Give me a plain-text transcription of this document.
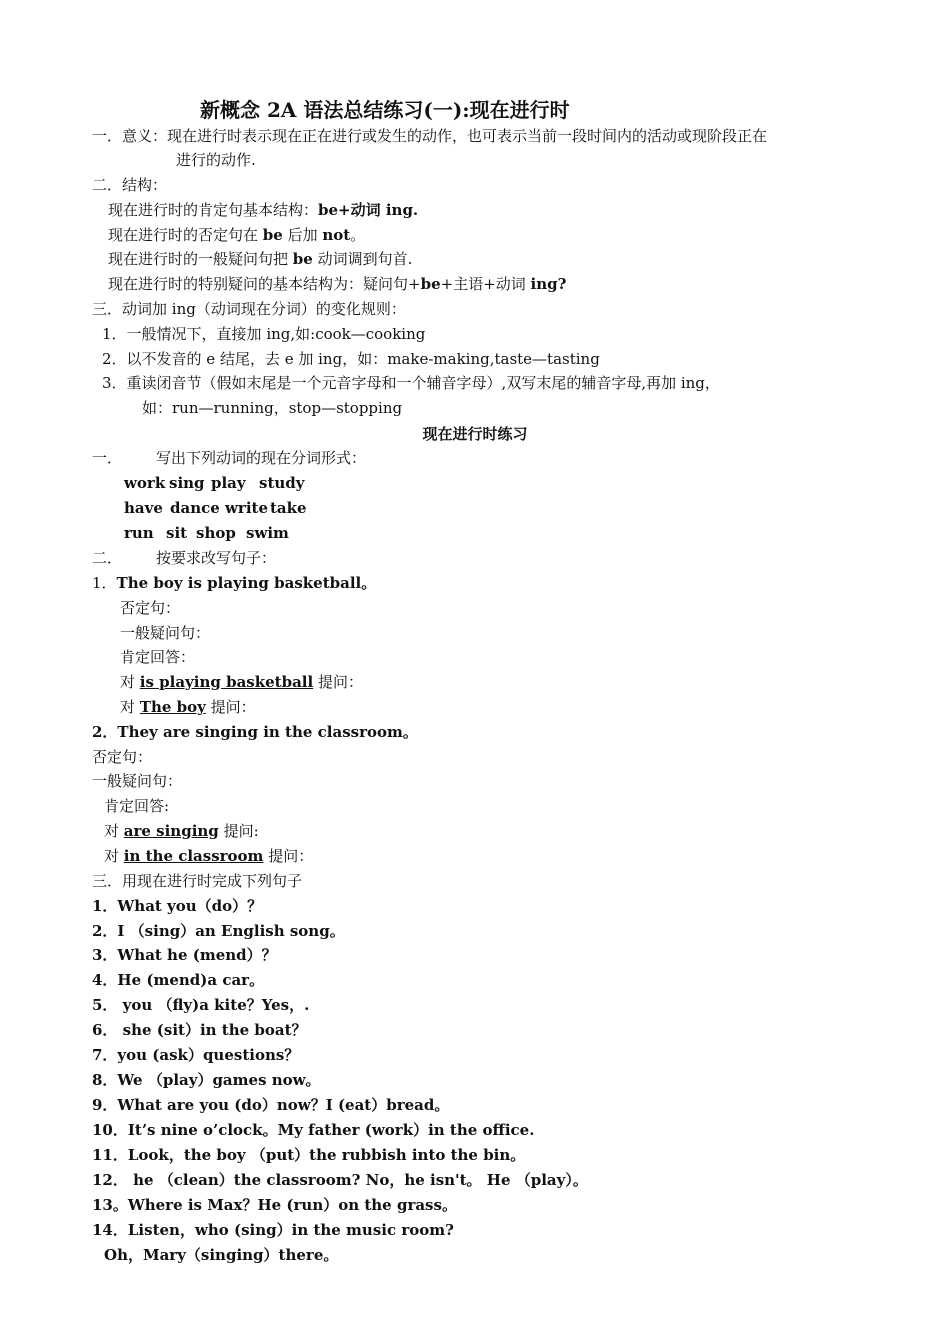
新概念 2A 语法总结练习(一):现在进行时
一．意义：现在进行时表示现在正在进行或发生的动作，也可表示当前一段时间内的活动或现阶段正在
进行的动作.
二．结构：
现在进行时的肯定句基本结构：be+动词 ing.
现在进行时的否定句在 be 后加 not。
现在进行时的一般疑问句把 be 动词调到句首.
现在进行时的特别疑问的基本结构为：疑问句+be+主语+动词 ing?
三．动词加 ing（动词现在分词）的变化规则：
1．一般情况下，直接加 ing,如:cook—cooking
2．以不发音的 e 结尾，去 e 加 ing，如：make-making,taste—tasting
3．重读闭音节（假如末尾是一个元音字母和一个辅音字母）,双写末尾的辅音字母,再加 ing，
如：run—running，stop—stopping
现在进行时练习
一． 写出下列动词的现在分词形式：
work sing play study
have dance write take
run sit shop swim
二． 按要求改写句子：
1．The boy is playing basketball。
否定句：
一般疑问句：
肯定回答：
对 is playing basketball 提问：
对 The boy 提问：
2．They are singing in the classroom。
否定句：
一般疑问句：
肯定回答:
对 are singing 提问:
对 in the classroom 提问：
三．用现在进行时完成下列句子
1．What you（do）？
2．I （sing）an English song。
3．What he (mend）？
4．He (mend)a car。
5． you （fly)a kite？Yes，.
6． she (sit）in the boat？
7．you (ask）questions？
8．We （play）games now。
9．What are you (do）now？I (eat）bread。
10．It’s nine o’clock。My father (work）in the office.
11．Look，the boy （put）the rubbish into the bin。
12． he （clean）the classroom? No，he isn't。 He （play）。
13。Where is Max？He (run）on the grass。
14．Listen，who (sing）in the music room?
Oh，Mary（singing）there。
